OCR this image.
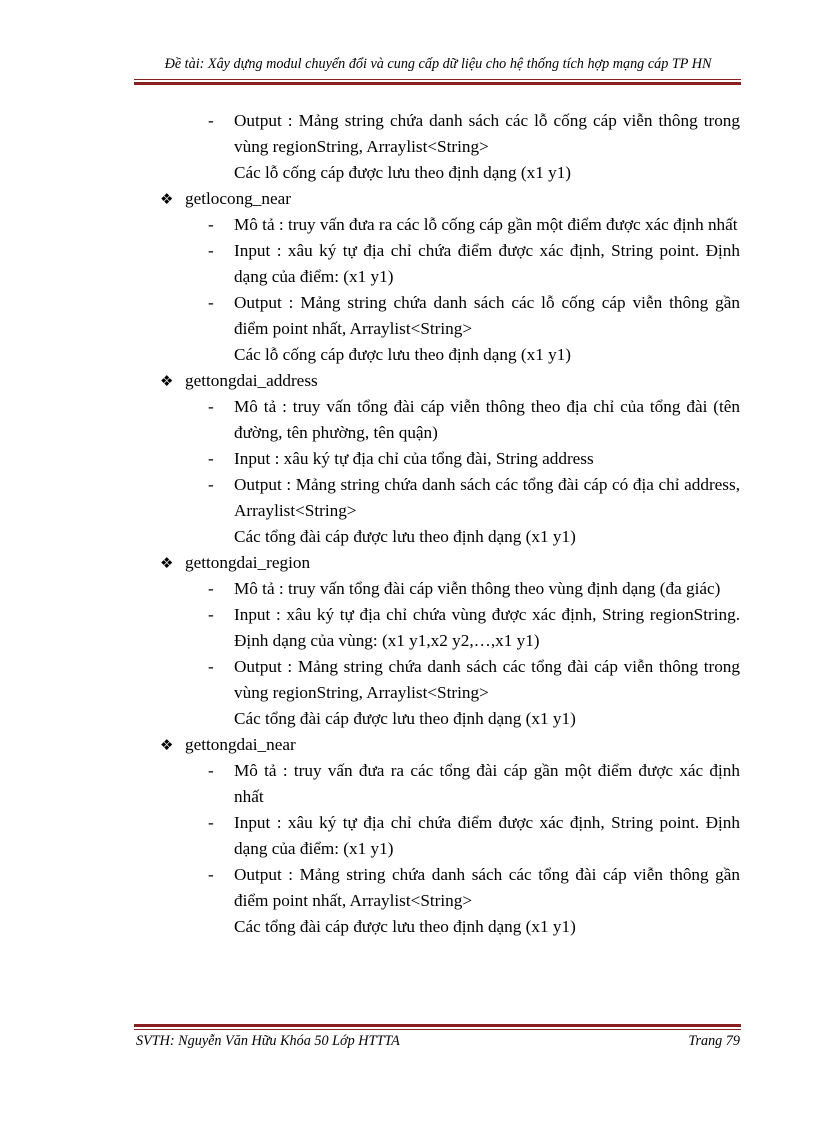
Đề tài: Xây dựng modul chuyển đổi và cung cấp dữ liệu cho hệ thống tích hợp mạng cáp TP HN
- Output : Mảng string chứa danh sách các lỗ cống cáp viễn thông trong vùng regionString, Arraylist<String>
Các lỗ cống cáp được lưu theo định dạng (x1 y1)
❖ getlocong_near
- Mô tả : truy vấn đưa ra các lỗ cống cáp gần một điểm được xác định nhất
- Input : xâu ký tự địa chỉ chứa điểm được xác định, String point. Định dạng của điểm: (x1 y1)
- Output : Mảng string chứa danh sách các lỗ cống cáp viễn thông gần điểm point nhất, Arraylist<String>
Các lỗ cống cáp được lưu theo định dạng (x1 y1)
❖ gettongdai_address
- Mô tả : truy vấn tổng đài cáp viễn thông theo địa chỉ của tổng đài (tên đường, tên phường, tên quận)
- Input : xâu ký tự địa chỉ của tổng đài, String address
- Output : Mảng string chứa danh sách các tổng đài cáp có địa chỉ address, Arraylist<String>
Các tổng đài cáp được lưu theo định dạng (x1 y1)
❖ gettongdai_region
- Mô tả : truy vấn tổng đài cáp viễn thông theo vùng định dạng (đa giác)
- Input : xâu ký tự địa chỉ chứa vùng được xác định, String regionString. Định dạng của vùng: (x1 y1,x2 y2,…,x1 y1)
- Output : Mảng string chứa danh sách các tổng đài cáp viễn thông trong vùng regionString, Arraylist<String>
Các tổng đài cáp được lưu theo định dạng (x1 y1)
❖ gettongdai_near
- Mô tả : truy vấn đưa ra các tổng đài cáp gần một điểm được xác định nhất
- Input : xâu ký tự địa chỉ chứa điểm được xác định, String point. Định dạng của điểm: (x1 y1)
- Output : Mảng string chứa danh sách các tổng đài cáp viễn thông gần điểm point nhất, Arraylist<String>
Các tổng đài cáp được lưu theo định dạng (x1 y1)
SVTH: Nguyễn Văn Hữu Khóa 50 Lớp HTTTA	Trang 79
